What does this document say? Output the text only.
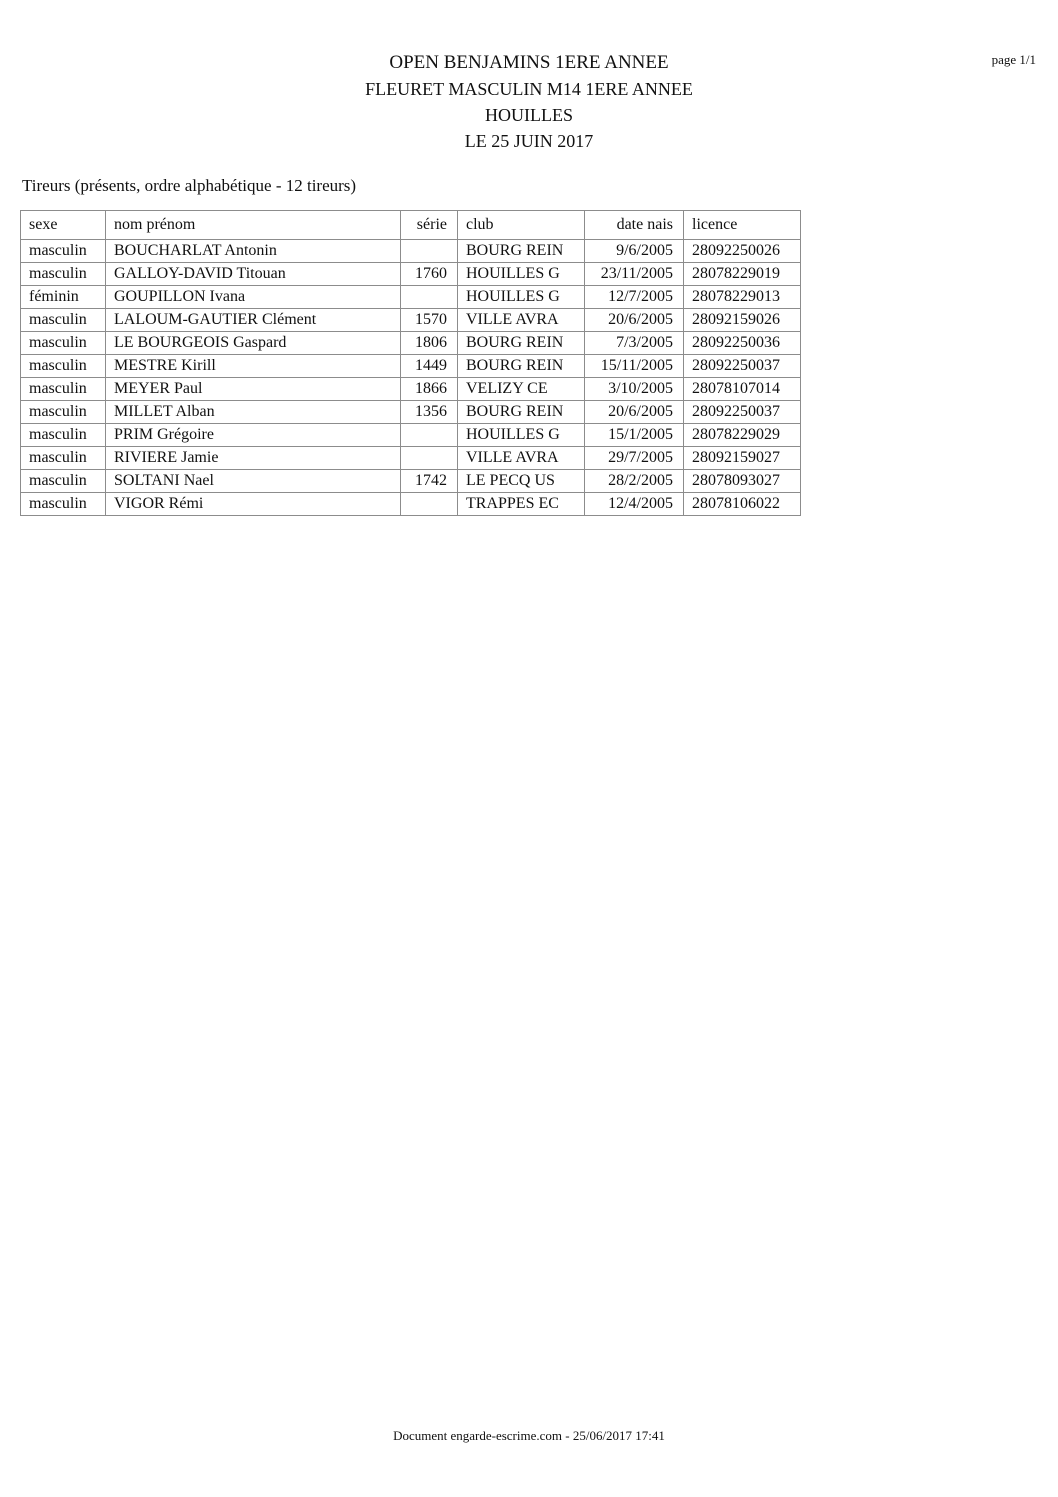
page 1/1
OPEN BENJAMINS 1ERE ANNEE
FLEURET MASCULIN M14 1ERE ANNEE
HOUILLES
LE 25 JUIN 2017
Tireurs (présents, ordre alphabétique - 12 tireurs)
sexe	nom prénom	série	club	date nais	licence
masculin	BOUCHARLAT Antonin		BOURG REIN	9/6/2005	28092250026
masculin	GALLOY-DAVID Titouan	1760	HOUILLES G	23/11/2005	28078229019
féminin	GOUPILLON Ivana		HOUILLES G	12/7/2005	28078229013
masculin	LALOUM-GAUTIER Clément	1570	VILLE AVRA	20/6/2005	28092159026
masculin	LE BOURGEOIS Gaspard	1806	BOURG REIN	7/3/2005	28092250036
masculin	MESTRE Kirill	1449	BOURG REIN	15/11/2005	28092250037
masculin	MEYER Paul	1866	VELIZY CE	3/10/2005	28078107014
masculin	MILLET Alban	1356	BOURG REIN	20/6/2005	28092250037
masculin	PRIM Grégoire		HOUILLES G	15/1/2005	28078229029
masculin	RIVIERE Jamie		VILLE AVRA	29/7/2005	28092159027
masculin	SOLTANI Nael	1742	LE PECQ US	28/2/2005	28078093027
masculin	VIGOR Rémi		TRAPPES EC	12/4/2005	28078106022
Document engarde-escrime.com - 25/06/2017 17:41
